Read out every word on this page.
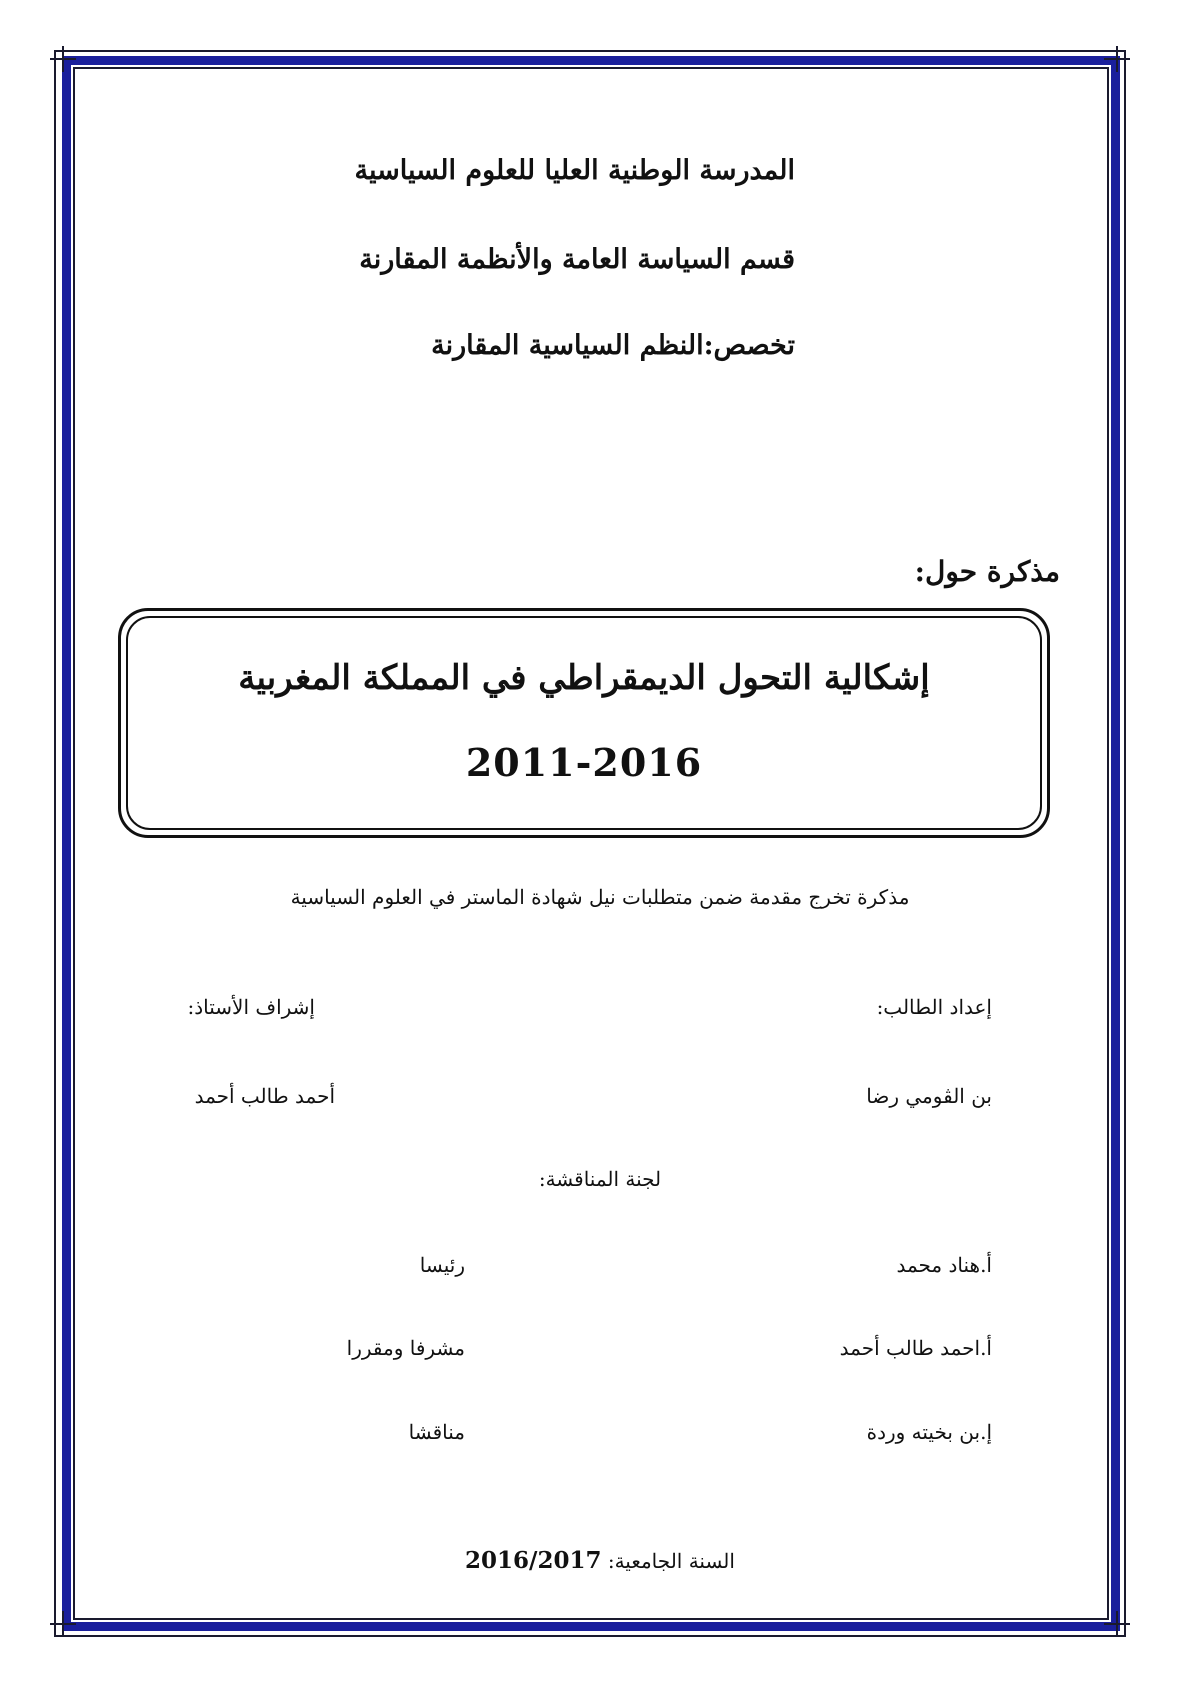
المدرسة الوطنية العليا للعلوم السياسية
قسم السياسة العامة والأنظمة المقارنة
تخصص:النظم السياسية المقارنة
مذكرة حول:
إشكالية التحول الديمقراطي في المملكة المغربية
2011-2016
مذكرة تخرج مقدمة ضمن متطلبات نيل شهادة الماستر في العلوم السياسية
إعداد الطالب:
إشراف الأستاذ:
بن الڤومي رضا
أحمد طالب أحمد
لجنة المناقشة:
أ.هناد محمد
رئيسا
أ.احمد طالب أحمد
مشرفا ومقررا
إ.بن بخيته وردة
مناقشا
السنة الجامعية: 2016/2017
